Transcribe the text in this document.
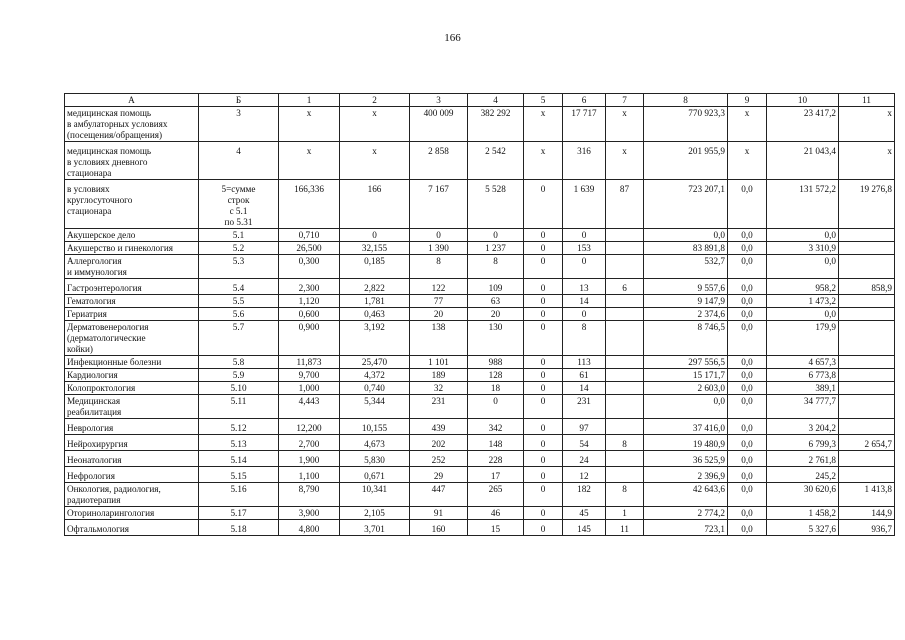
166
А	Б	1	2	3	4	5	6	7	8	9	10	11
медицинская помощь
в амбулаторных условиях
(посещения/обращения)	3	x	x	400 009	382 292	x	17 717	x	770 923,3	x	23 417,2	x
медицинская помощь
в условиях дневного
стационара	4	x	x	2 858	2 542	x	316	x	201 955,9	x	21 043,4	x
в условиях
круглосуточного
стационара	5=сумме
строк
с 5.1
по 5.31	166,336	166	7 167	5 528	0	1 639	87	723 207,1	0,0	131 572,2	19 276,8
Акушерское дело	5.1	0,710	0	0	0	0	0		0,0	0,0	0,0	
Акушерство и гинекология	5.2	26,500	32,155	1 390	1 237	0	153		83 891,8	0,0	3 310,9	
Аллергология
и иммунология	5.3	0,300	0,185	8	8	0	0		532,7	0,0	0,0	
Гастроэнтерология	5.4	2,300	2,822	122	109	0	13	6	9 557,6	0,0	958,2	858,9
Гематология	5.5	1,120	1,781	77	63	0	14		9 147,9	0,0	1 473,2	
Гериатрия	5.6	0,600	0,463	20	20	0	0		2 374,6	0,0	0,0	
Дерматовенерология
(дерматологические
койки)	5.7	0,900	3,192	138	130	0	8		8 746,5	0,0	179,9	
Инфекционные болезни	5.8	11,873	25,470	1 101	988	0	113		297 556,5	0,0	4 657,3	
Кардиология	5.9	9,700	4,372	189	128	0	61		15 171,7	0,0	6 773,8	
Колопроктология	5.10	1,000	0,740	32	18	0	14		2 603,0	0,0	389,1	
Медицинская
реабилитация	5.11	4,443	5,344	231	0	0	231		0,0	0,0	34 777,7	
Неврология	5.12	12,200	10,155	439	342	0	97		37 416,0	0,0	3 204,2	
Нейрохирургия	5.13	2,700	4,673	202	148	0	54	8	19 480,9	0,0	6 799,3	2 654,7
Неонатология	5.14	1,900	5,830	252	228	0	24		36 525,9	0,0	2 761,8	
Нефрология	5.15	1,100	0,671	29	17	0	12		2 396,9	0,0	245,2	
Онкология, радиология,
радиотерапия	5.16	8,790	10,341	447	265	0	182	8	42 643,6	0,0	30 620,6	1 413,8
Оториноларингология	5.17	3,900	2,105	91	46	0	45	1	2 774,2	0,0	1 458,2	144,9
Офтальмология	5.18	4,800	3,701	160	15	0	145	11	723,1	0,0	5 327,6	936,7
